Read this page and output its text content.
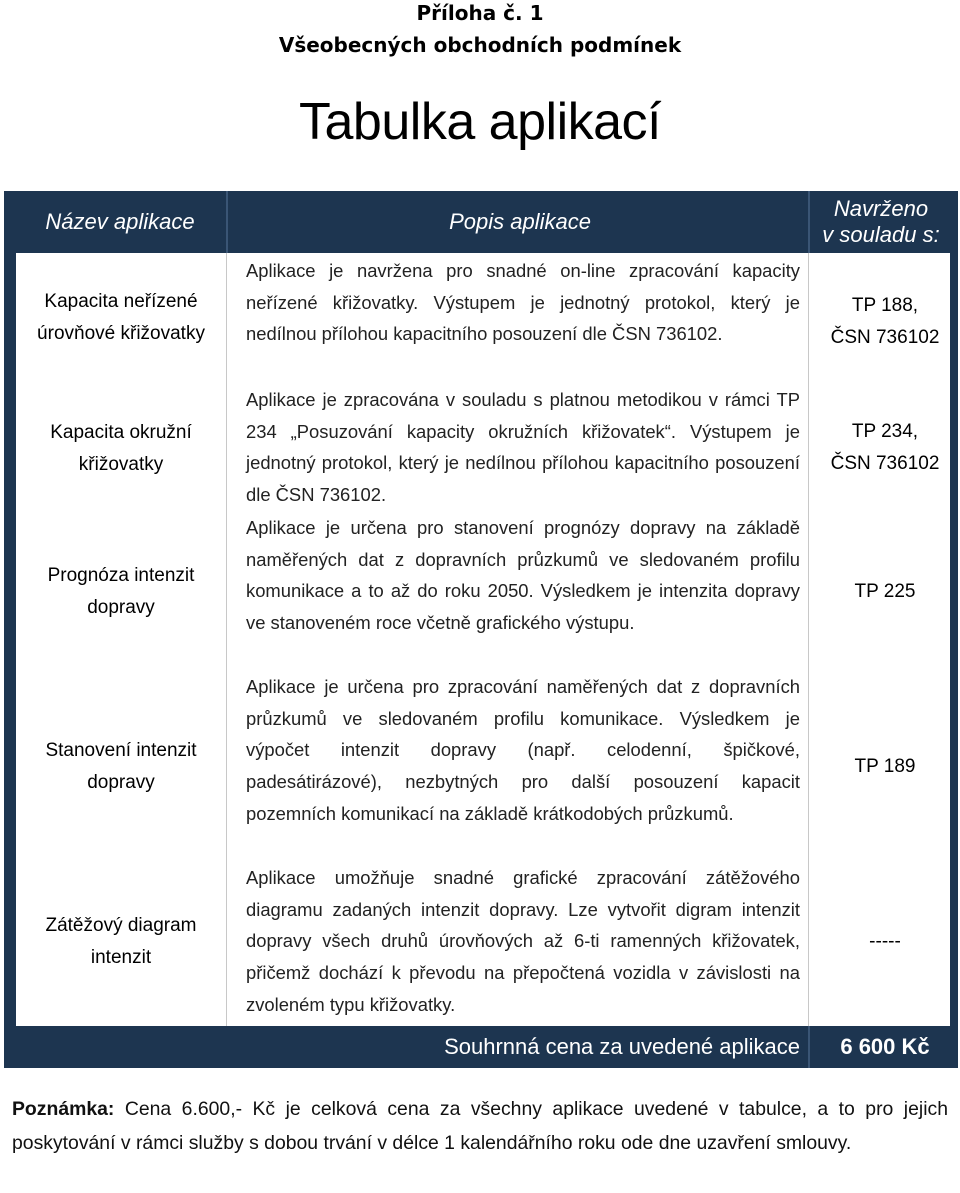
Příloha č. 1
Všeobecných obchodních podmínek
Tabulka aplikací
Název aplikace	Popis aplikace
Navrženo
v souladu s:
Kapacita neřízené úrovňové křižovatky
Aplikace je navržena pro snadné on-line zpracování kapacity neřízené křižovatky. Výstupem je jednotný protokol, který je nedílnou přílohou kapacitního posouzení dle ČSN 736102.
TP 188,
ČSN 736102
Kapacita okružní křižovatky
Aplikace je zpracována v souladu s platnou metodikou v rámci TP 234 „Posuzování kapacity okružních křižovatek“. Výstupem je jednotný protokol, který je nedílnou přílohou kapacitního posouzení dle ČSN 736102.
TP 234,
ČSN 736102
Prognóza intenzit dopravy
Aplikace je určena pro stanovení prognózy dopravy na základě naměřených dat z dopravních průzkumů ve sledovaném profilu komunikace a to až do roku 2050. Výsledkem je intenzita dopravy ve stanoveném roce včetně grafického výstupu.
TP 225
Stanovení intenzit dopravy
Aplikace je určena pro zpracování naměřených dat z dopravních průzkumů ve sledovaném profilu komunikace. Výsledkem je výpočet intenzit dopravy (např. celodenní, špičkové, padesátirázové), nezbytných pro další posouzení kapacit pozemních komunikací na základě krátkodobých průzkumů.
TP 189
Zátěžový diagram intenzit
Aplikace umožňuje snadné grafické zpracování zátěžového diagramu zadaných intenzit dopravy. Lze vytvořit digram intenzit dopravy všech druhů úrovňových až 6-ti ramenných křižovatek, přičemž dochází k převodu na přepočtená vozidla v závislosti na zvoleném typu křižovatky.
-----
Souhrnná cena za uvedené aplikace	6 600 Kč
Poznámka: Cena 6.600,- Kč je celková cena za všechny aplikace uvedené v tabulce, a to pro jejich poskytování v rámci služby s dobou trvání v délce 1 kalendářního roku ode dne uzavření smlouvy.
